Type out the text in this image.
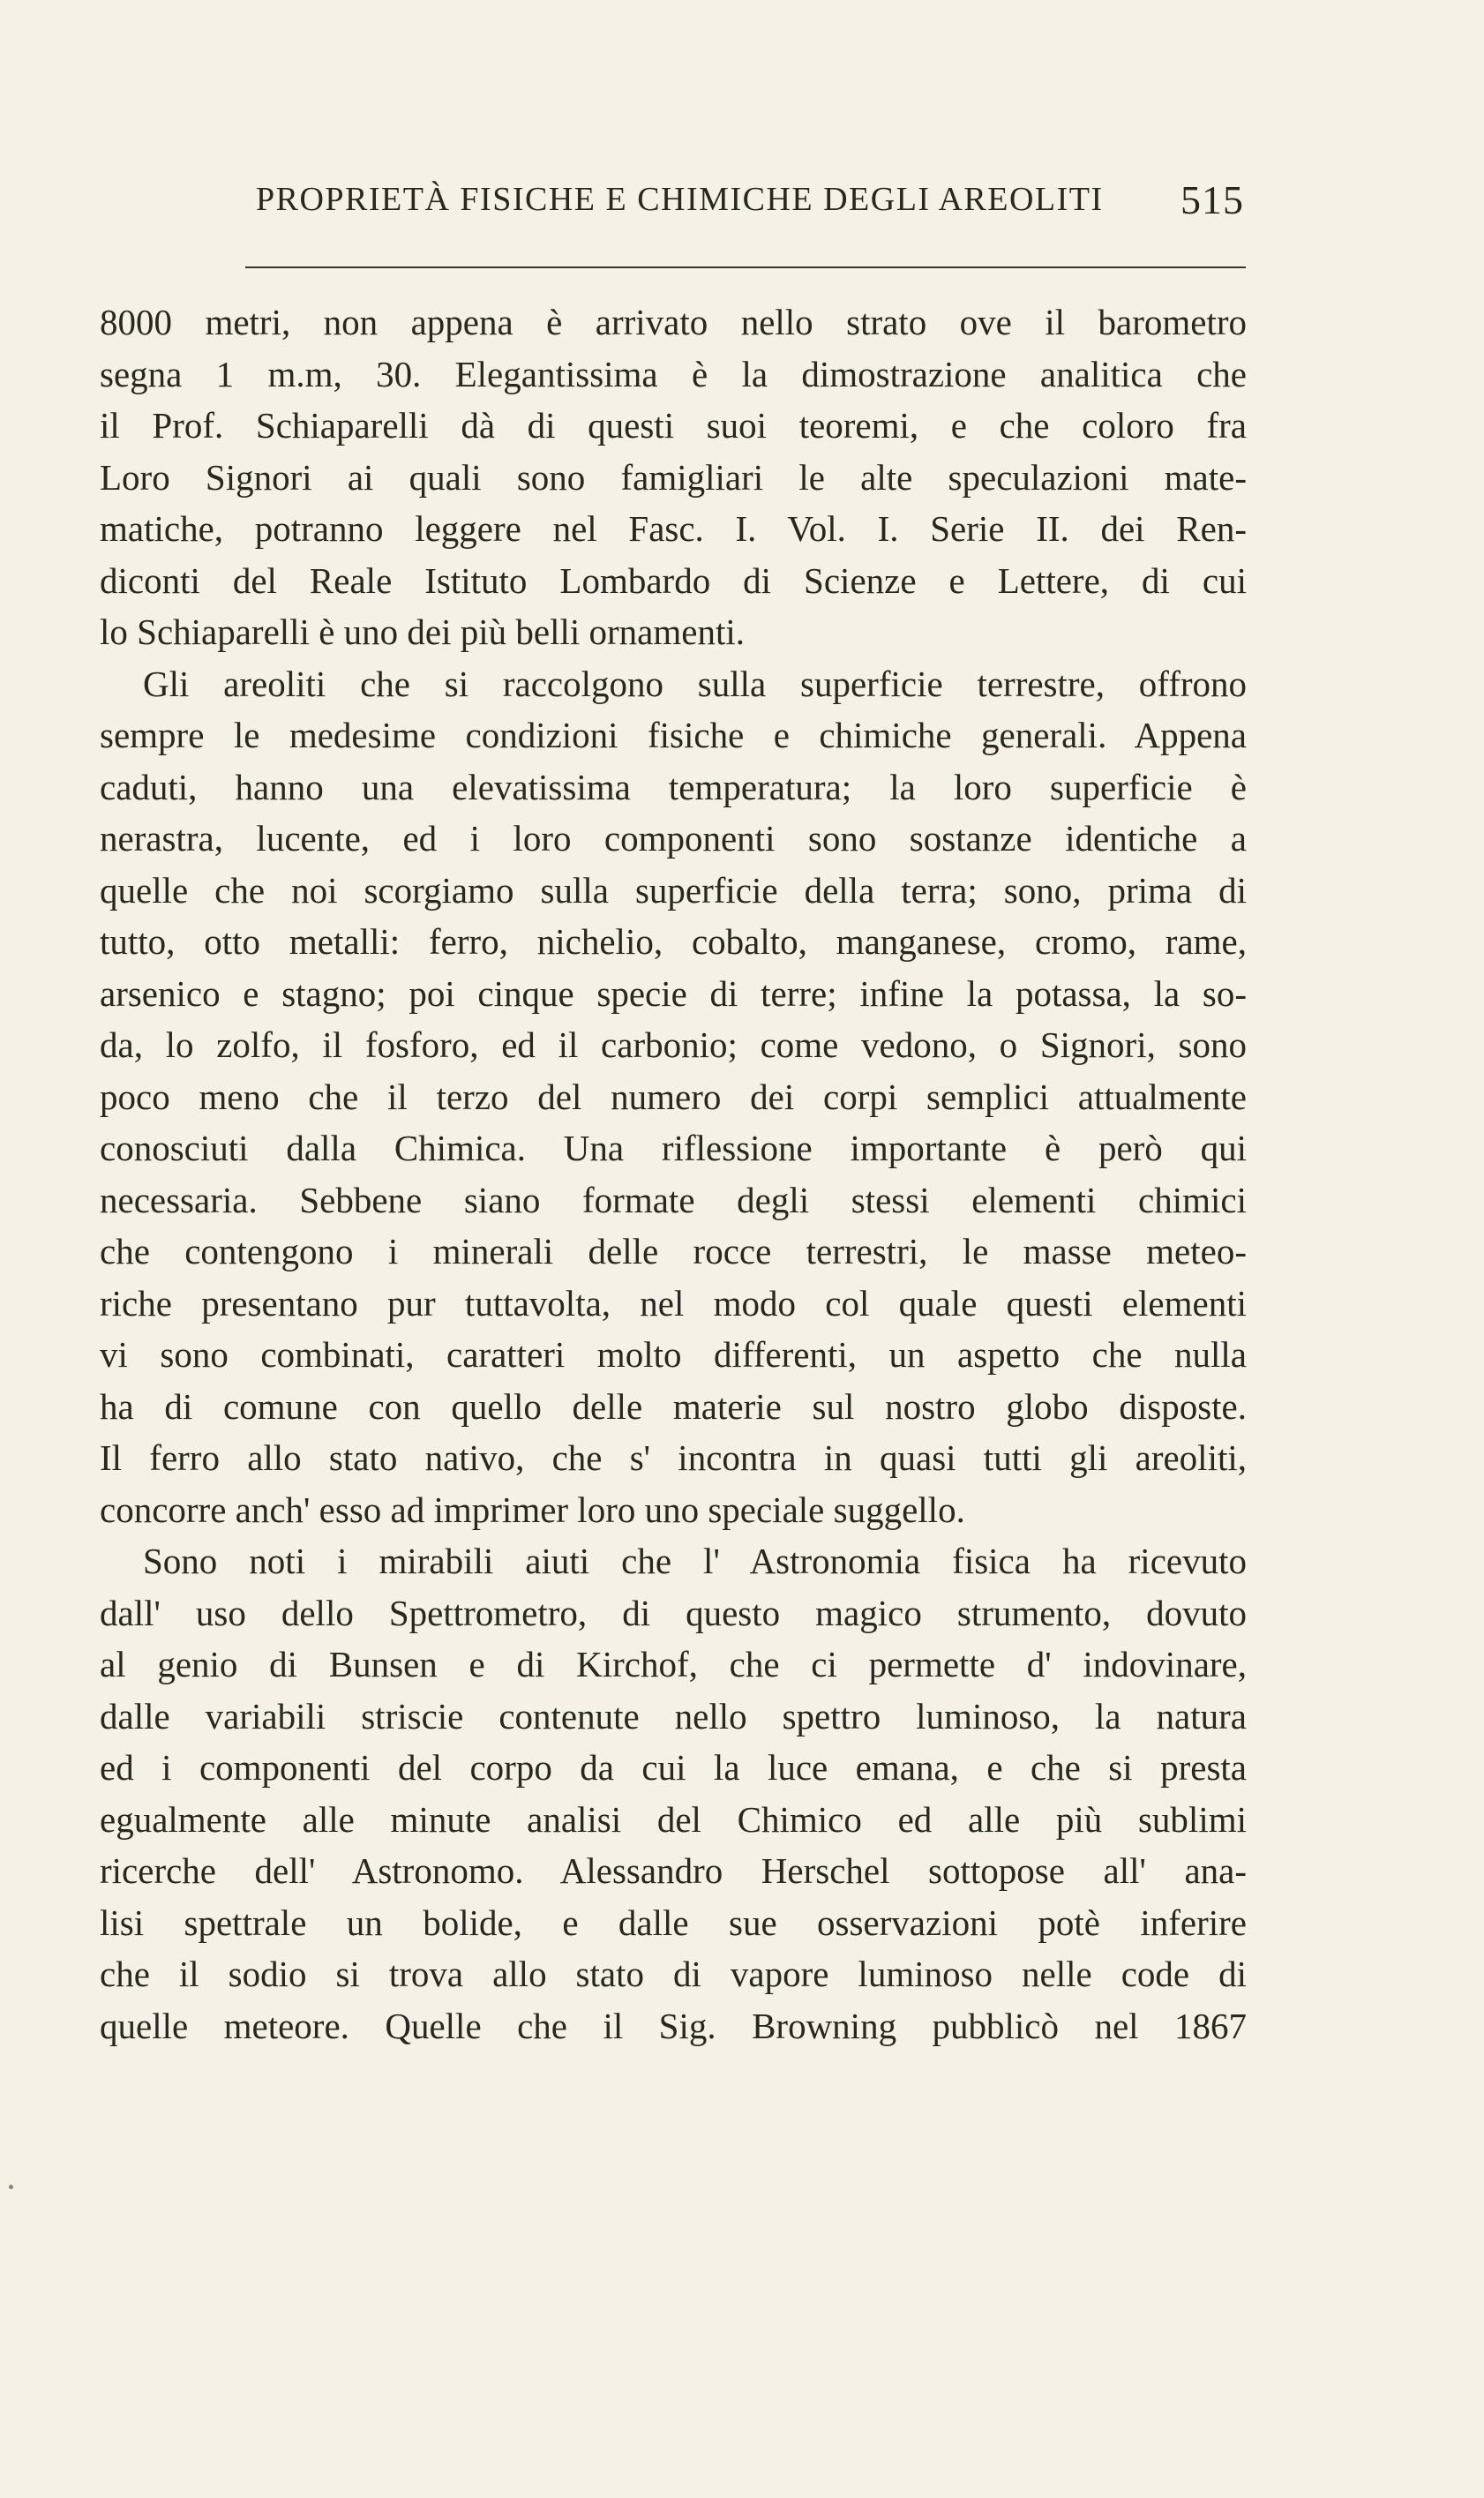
PROPRIETÀ FISICHE E CHIMICHE DEGLI AREOLITI 515

8000 metri, non appena è arrivato nello strato ove il barometro
segna 1 m.m, 30. Elegantissima è la dimostrazione analitica che
il Prof. Schiaparelli dà di questi suoi teoremi, e che coloro fra
Loro Signori ai quali sono famigliari le alte speculazioni mate-
matiche, potranno leggere nel Fasc. I. Vol. I. Serie II. dei Ren-
diconti del Reale Istituto Lombardo di Scienze e Lettere, di cui
lo Schiaparelli è uno dei più belli ornamenti.

Gli areoliti che si raccolgono sulla superficie terrestre, offrono
sempre le medesime condizioni fisiche e chimiche generali. Appena
caduti, hanno una elevatissima temperatura; la loro superficie è
nerastra, lucente, ed i loro componenti sono sostanze identiche a
quelle che noi scorgiamo sulla superficie della terra; sono, prima di
tutto, otto metalli: ferro, nichelio, cobalto, manganese, cromo, rame,
arsenico e stagno; poi cinque specie di terre; infine la potassa, la so-
da, lo zolfo, il fosforo, ed il carbonio; come vedono, o Signori, sono
poco meno che il terzo del numero dei corpi semplici attualmente
conosciuti dalla Chimica. Una riflessione importante è però qui
necessaria. Sebbene siano formate degli stessi elementi chimici
che contengono i minerali delle rocce terrestri, le masse meteo-
riche presentano pur tuttavolta, nel modo col quale questi elementi
vi sono combinati, caratteri molto differenti, un aspetto che nulla
ha di comune con quello delle materie sul nostro globo disposte.
Il ferro allo stato nativo, che s' incontra in quasi tutti gli areoliti,
concorre anch' esso ad imprimer loro uno speciale suggello.

Sono noti i mirabili aiuti che l' Astronomia fisica ha ricevuto
dall' uso dello Spettrometro, di questo magico strumento, dovuto
al genio di Bunsen e di Kirchof, che ci permette d' indovinare,
dalle variabili striscie contenute nello spettro luminoso, la natura
ed i componenti del corpo da cui la luce emana, e che si presta
egualmente alle minute analisi del Chimico ed alle più sublimi
ricerche dell' Astronomo. Alessandro Herschel sottopose all' ana-
lisi spettrale un bolide, e dalle sue osservazioni potè inferire
che il sodio si trova allo stato di vapore luminoso nelle code di
quelle meteore. Quelle che il Sig. Browning pubblicò nel 1867
